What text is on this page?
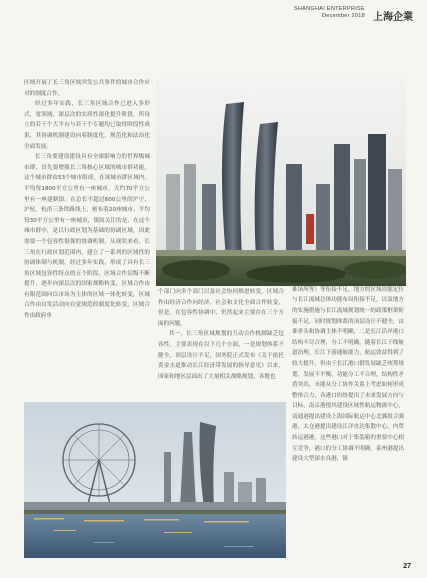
SHANGHAI ENTERPRISE
December 2018 上海企業

区域开展了长三角区域突发公共事件的城市合作应对的制度合作。

经过多年实践，长三角区域合作已进入多形式，宽领域，深层次的实质性深化提升阶段，所设立的若干个大平台与若干个专题均已取得阶段性成果，其协调机制建设向着制度化，规范化和法治化全面发展。

长三角要建设建设具有全球影响力的世界级城市群，首先要增强长三角核心区域的城市群功能，这个城市群由53个城市组成，在该城市群区域内，平均每1800平方公里有一座城市，大约70平方公里有一座建制镇。在总长不超过600公里的沪宁，沪杭，杭甬三条铁路线上，密布着20座城市，平均每30平方公里有一座城市，镇间关注的是，在这个城市群中，是以行政区划为基础的协调区域，因此需要一个包容性很强的协调机制，从现状来看，长三角在行政区划范围内，建立了一系列的区域性的协调体制与机制，经过多年实践，形成了具有长三角区域包容性特点的五个阶段，区域合作层级不断提升，逐步向深层次的国家战略转变，区域合作由有限范围向以市场为主体的区域一体化转变，区域合作由自发活动向自觉规范的制度化转变，区域合作由政府单

个部门向多个部门以及社会协同推进转变，区域合作由经济合作向经济，社会和文化全面合作转变，但是，在包容性协调中，仍然起来主要存在三个方面的问题。

其一，长三角区域规划的互动合作机制缺乏包容性，主要表现在以下几个方面，一是规划体系不健全，顶层设计不足，国务院正式发布《关于依托黄金水道推动长江经济带发展的指导意见》以来，国家和地区层面出了大量相关战略规划，各地也

难场所等）等衔接不足，地方的区域功能定位与长江流域总体功能布局衔接不足，以及地方的实施措施与长江流域规划统一的政策框架衔接不足，同时规划体系的顶层设计不健全，由谁牵头和协调主体不明确，二是长江沿岸港口结构不尽合理，分工不明确，随着长江干线航道治理，长江下游通航能力，航运效益得到了较大提升，但由于长江港口群发展缺乏统筹规划，发展不平衡，功能分工不合理，结构性矛盾突出，未能从分工协作关系上考虑如何形成整体合力，各港口纷纷提出了未来发展方向与目标，南京港提出建设区域性航运物流中心，南通港提出建设上海国际航运中心北翼组合强港，太仓港提出建设江洋直达集散中心，内贸转运港港，这些港口对于集装箱的重要中心相互竞争，港口的分工协调不明确，泰州港提出建设大型深水良港，镇

27
